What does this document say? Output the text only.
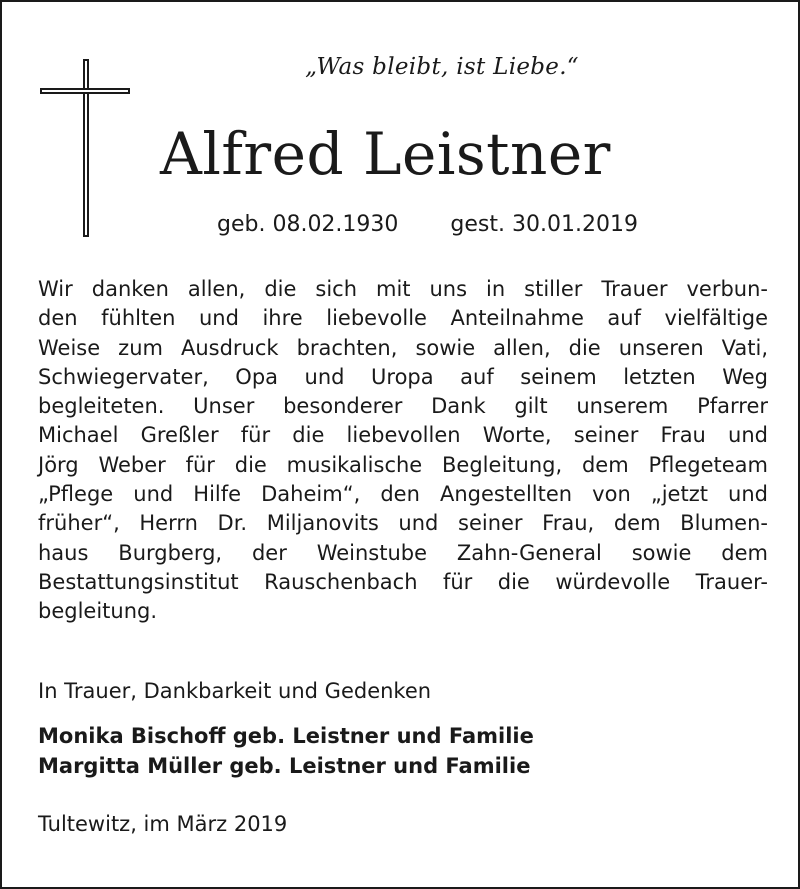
„Was bleibt, ist Liebe.“
Alfred Leistner
geb. 08.02.1930 gest. 30.01.2019

Wir danken allen, die sich mit uns in stiller Trauer verbun-
den fühlten und ihre liebevolle Anteilnahme auf vielfältige
Weise zum Ausdruck brachten, sowie allen, die unseren Vati,
Schwiegervater, Opa und Uropa auf seinem letzten Weg
begleiteten. Unser besonderer Dank gilt unserem Pfarrer
Michael Greßler für die liebevollen Worte, seiner Frau und
Jörg Weber für die musikalische Begleitung, dem Pflegeteam
„Pflege und Hilfe Daheim“, den Angestellten von „jetzt und
früher“, Herrn Dr. Miljanovits und seiner Frau, dem Blumen-
haus Burgberg, der Weinstube Zahn-General sowie dem
Bestattungsinstitut Rauschenbach für die würdevolle Trauer-
begleitung.

In Trauer, Dankbarkeit und Gedenken
Monika Bischoff geb. Leistner und Familie
Margitta Müller geb. Leistner und Familie
Tultewitz, im März 2019
